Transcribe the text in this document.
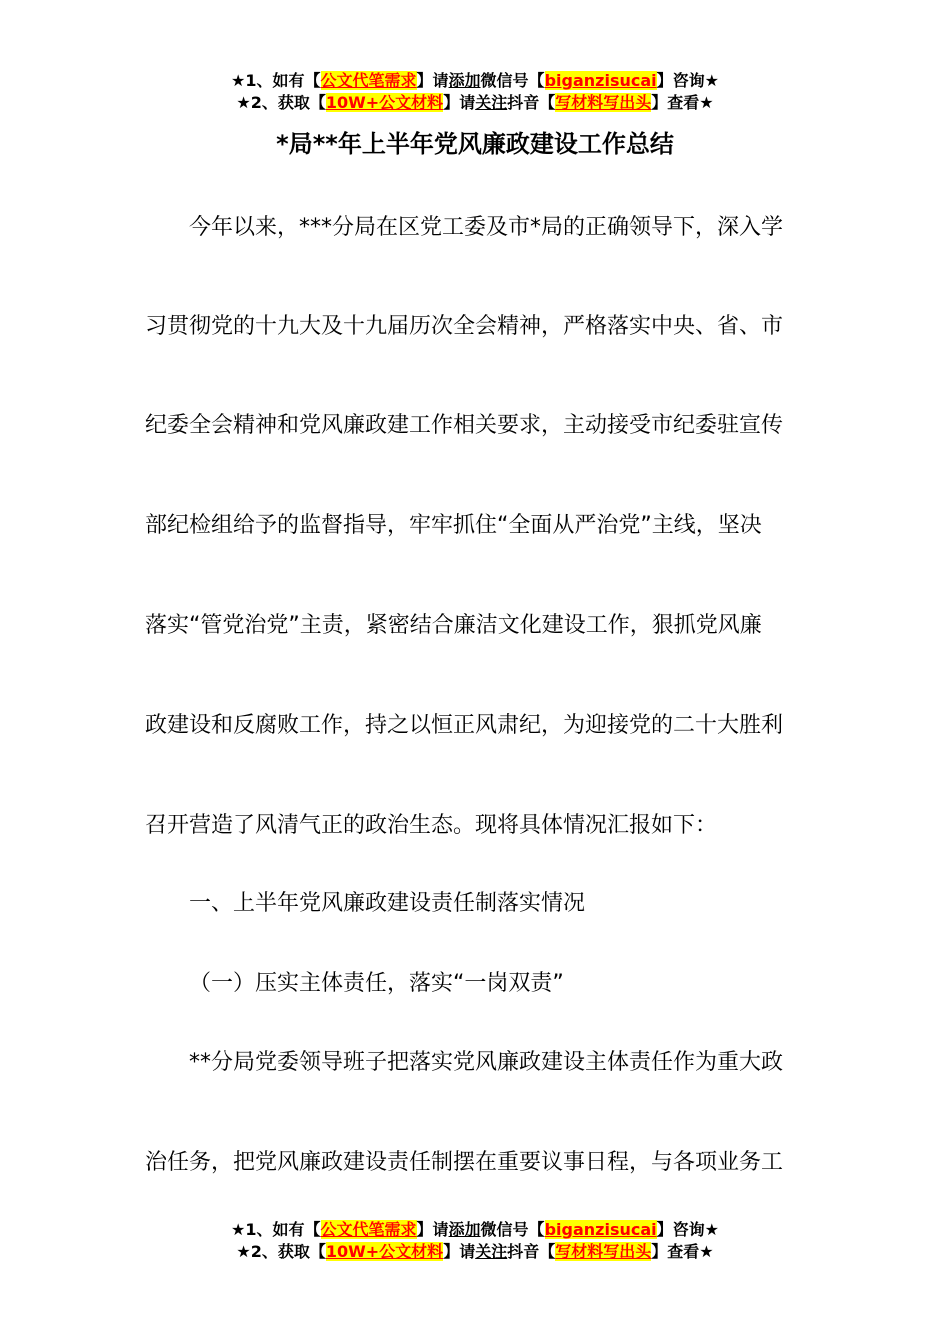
★1、如有【公文代笔需求】请添加微信号【biganzisucai】咨询★
★2、获取【10W+公文材料】请关注抖音【写材料写出头】查看★
*局**年上半年党风廉政建设工作总结
今年以来，***分局在区党工委及市*局的正确领导下，深入学
习贯彻党的十九大及十九届历次全会精神，严格落实中央、省、市
纪委全会精神和党风廉政建工作相关要求，主动接受市纪委驻宣传
部纪检组给予的监督指导，牢牢抓住“全面从严治党”主线，坚决
落实“管党治党”主责，紧密结合廉洁文化建设工作，狠抓党风廉
政建设和反腐败工作，持之以恒正风肃纪，为迎接党的二十大胜利
召开营造了风清气正的政治生态。现将具体情况汇报如下：
一、上半年党风廉政建设责任制落实情况
（一）压实主体责任，落实“一岗双责”
**分局党委领导班子把落实党风廉政建设主体责任作为重大政
治任务，把党风廉政建设责任制摆在重要议事日程，与各项业务工
★1、如有【公文代笔需求】请添加微信号【biganzisucai】咨询★
★2、获取【10W+公文材料】请关注抖音【写材料写出头】查看★
